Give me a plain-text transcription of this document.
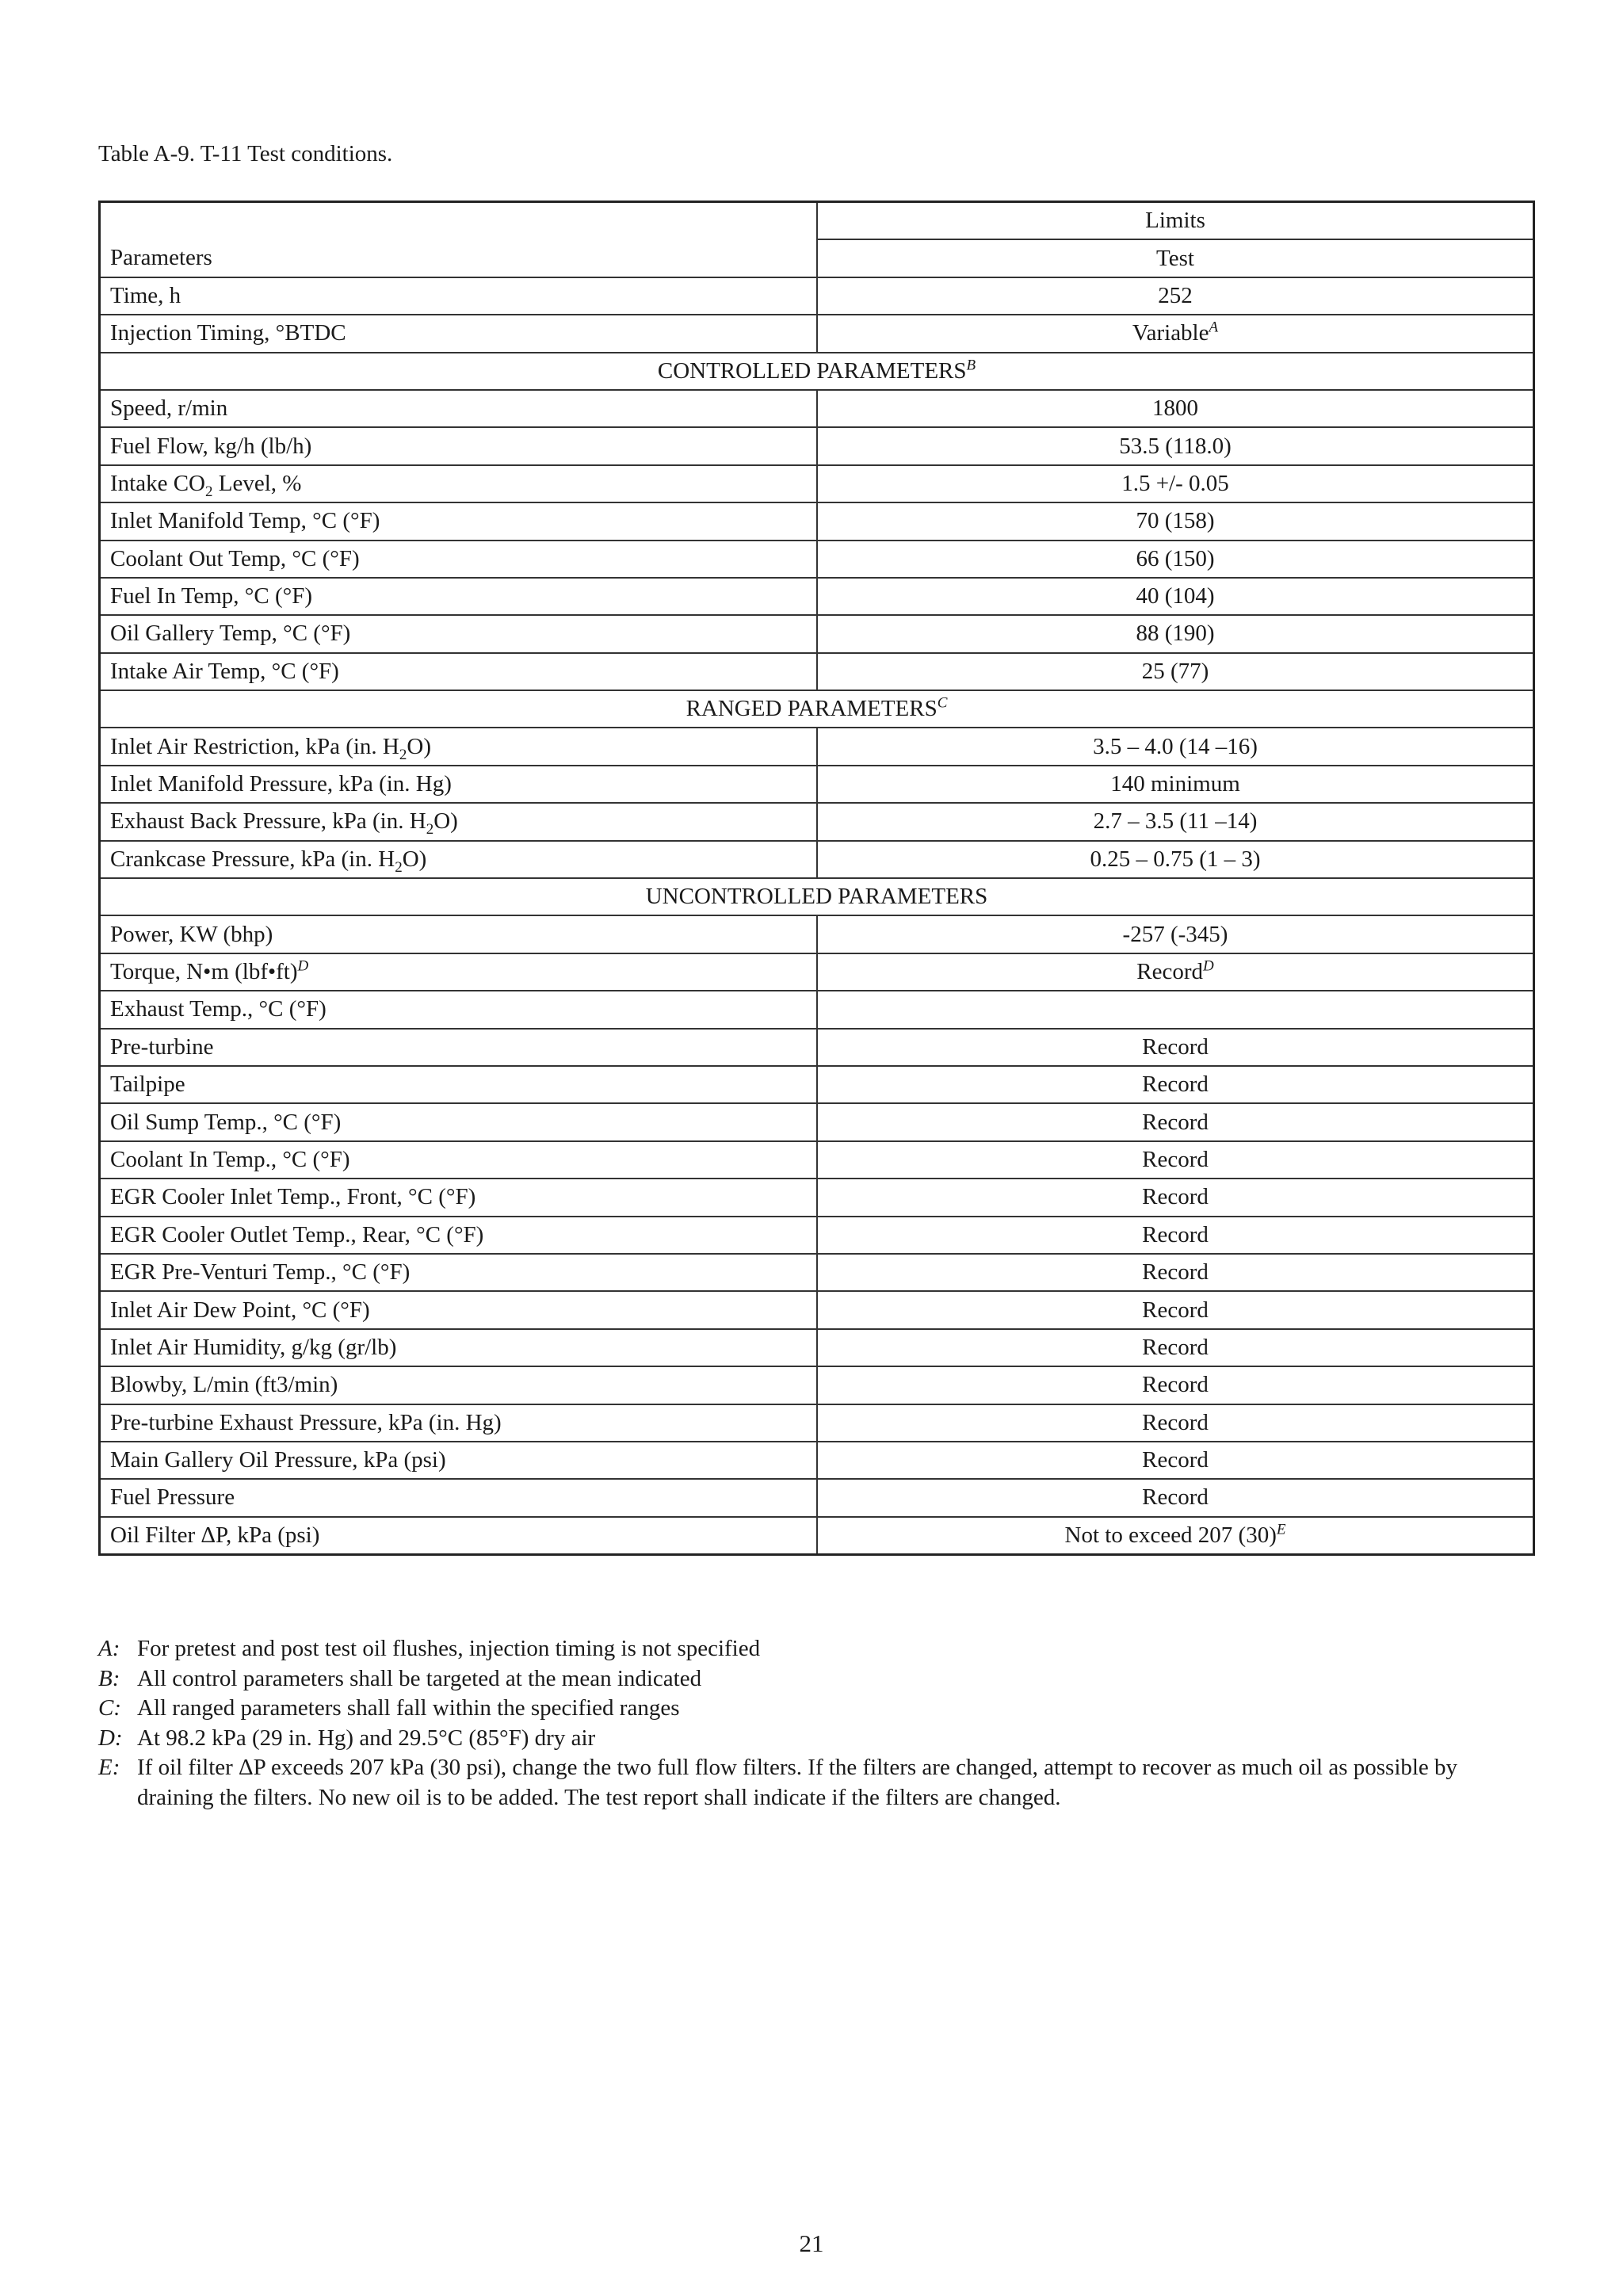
Table A-9. T-11 Test conditions.
	Limits
Parameters	Test
Time, h	252
Injection Timing, °BTDC	Variable$^A$
CONTROLLED PARAMETERS$^B$
Speed, r/min	1800
Fuel Flow, kg/h (lb/h)	53.5 (118.0)
Intake $CO_2$ Level, %	1.5 +/- 0.05
Inlet Manifold Temp, °C (°F)	70 (158)
Coolant Out Temp, °C (°F)	66 (150)
Fuel In Temp, °C (°F)	40 (104)
Oil Gallery Temp, °C (°F)	88 (190)
Intake Air Temp, °C (°F)	25 (77)
RANGED PARAMETERS$^C$
Inlet Air Restriction, kPa (in. $H_2O$)	3.5 – 4.0 (14 –16)
Inlet Manifold Pressure, kPa (in. Hg)	140 minimum
Exhaust Back Pressure, kPa (in. $H_2O$)	2.7 – 3.5 (11 –14)
Crankcase Pressure, kPa (in. $H_2O$)	0.25 – 0.75 (1 – 3)
UNCONTROLLED PARAMETERS	
Power, KW (bhp)	-257 (-345)
Torque, N•m (lbf•ft)$^D$	Record$^D$
Exhaust Temp., °C (°F)	
Pre-turbine	Record
Tailpipe	Record
Oil Sump Temp., °C (°F)	Record
Coolant In Temp., °C (°F)	Record
EGR Cooler Inlet Temp., Front, °C (°F)	Record
EGR Cooler Outlet Temp., Rear, °C (°F)	Record
EGR Pre-Venturi Temp., °C (°F)	Record
Inlet Air Dew Point, °C (°F)	Record
Inlet Air Humidity, g/kg (gr/lb)	Record
Blowby, L/min (ft3/min)	Record
Pre-turbine Exhaust Pressure, kPa (in. Hg)	Record
Main Gallery Oil Pressure, kPa (psi)	Record
Fuel Pressure	Record
Oil Filter ΔP, kPa (psi)	Not to exceed 207 (30)$^E$
A: For pretest and post test oil flushes, injection timing is not specified
B: All control parameters shall be targeted at the mean indicated
C: All ranged parameters shall fall within the specified ranges
D: At 98.2 kPa (29 in. Hg) and 29.5°C (85°F) dry air
E: If oil filter ΔP exceeds 207 kPa (30 psi), change the two full flow filters. If the filters are changed, attempt to recover as much oil as possible by draining the filters. No new oil is to be added. The test report shall indicate if the filters are changed.
21
